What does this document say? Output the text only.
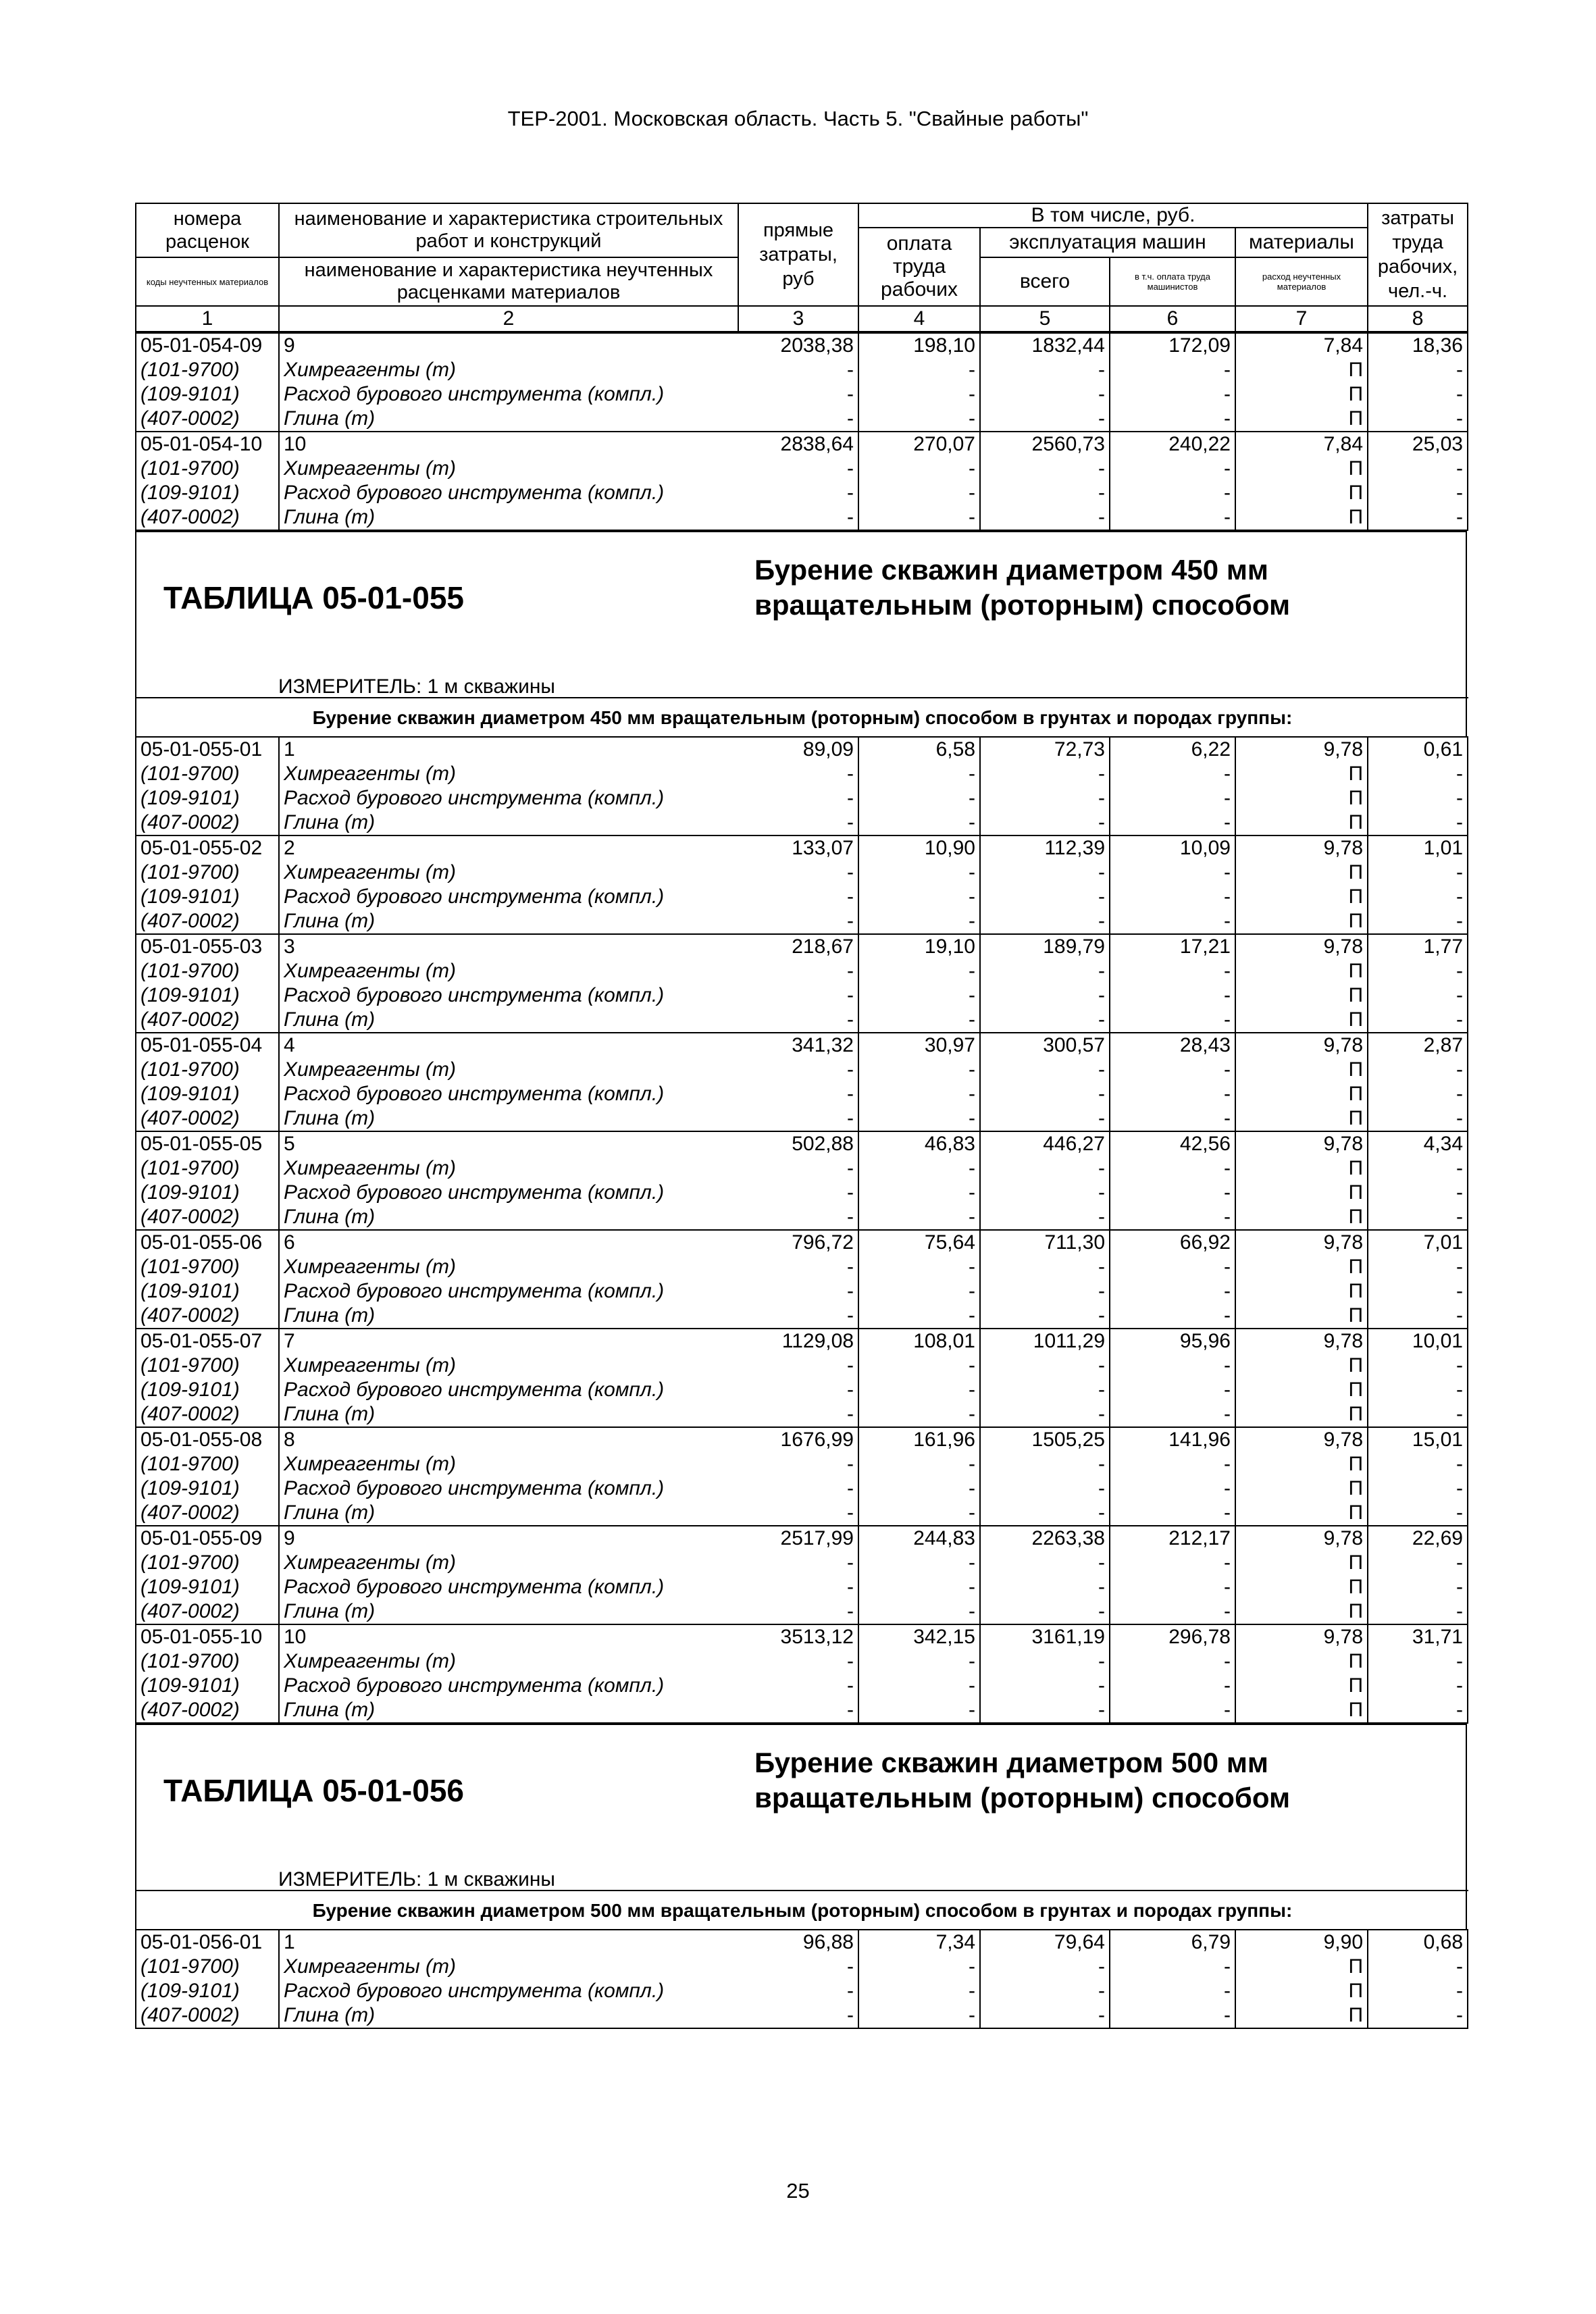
ТЕР-2001. Московская область. Часть 5. "Свайные работы"
номера расценок	наименование и характеристика строительных работ и конструкций	прямые затраты, руб	В том числе, руб.				затраты труда рабочих, чел.-ч.

			оплата труда рабочих	эксплуатация машин		материалы	

коды неучтенных материалов	наименование и характеристика неучтенных расценками материалов			всего	в т.ч. оплата труда машинистов	расход неучтенных материалов	

1	2	3	4	5	6	7	8
05-01-054-09	9	2038,38	198,10	1832,44	172,09	7,84	18,36
(101-9700)	Химреагенты (т)	-	-	-	-	П	-
(109-9101)	Расход бурового инструмента (компл.)	-	-	-	-	П	-
(407-0002)	Глина (т)	-	-	-	-	П	-
05-01-054-10	10	2838,64	270,07	2560,73	240,22	7,84	25,03
(101-9700)	Химреагенты (т)	-	-	-	-	П	-
(109-9101)	Расход бурового инструмента (компл.)	-	-	-	-	П	-
(407-0002)	Глина (т)	-	-	-	-	П	-
ТАБЛИЦА 05-01-055
Бурение скважин диаметром 450 мм
вращательным (роторным) способом
ИЗМЕРИТЕЛЬ: 1 м скважины
Бурение скважин диаметром 450 мм вращательным (роторным) способом в грунтах и породах группы:
05-01-055-01	1	89,09	6,58	72,73	6,22	9,78	0,61
(101-9700)	Химреагенты (т)	-	-	-	-	П	-
(109-9101)	Расход бурового инструмента (компл.)	-	-	-	-	П	-
(407-0002)	Глина (т)	-	-	-	-	П	-
05-01-055-02	2	133,07	10,90	112,39	10,09	9,78	1,01
(101-9700)	Химреагенты (т)	-	-	-	-	П	-
(109-9101)	Расход бурового инструмента (компл.)	-	-	-	-	П	-
(407-0002)	Глина (т)	-	-	-	-	П	-
05-01-055-03	3	218,67	19,10	189,79	17,21	9,78	1,77
(101-9700)	Химреагенты (т)	-	-	-	-	П	-
(109-9101)	Расход бурового инструмента (компл.)	-	-	-	-	П	-
(407-0002)	Глина (т)	-	-	-	-	П	-
05-01-055-04	4	341,32	30,97	300,57	28,43	9,78	2,87
(101-9700)	Химреагенты (т)	-	-	-	-	П	-
(109-9101)	Расход бурового инструмента (компл.)	-	-	-	-	П	-
(407-0002)	Глина (т)	-	-	-	-	П	-
05-01-055-05	5	502,88	46,83	446,27	42,56	9,78	4,34
(101-9700)	Химреагенты (т)	-	-	-	-	П	-
(109-9101)	Расход бурового инструмента (компл.)	-	-	-	-	П	-
(407-0002)	Глина (т)	-	-	-	-	П	-
05-01-055-06	6	796,72	75,64	711,30	66,92	9,78	7,01
(101-9700)	Химреагенты (т)	-	-	-	-	П	-
(109-9101)	Расход бурового инструмента (компл.)	-	-	-	-	П	-
(407-0002)	Глина (т)	-	-	-	-	П	-
05-01-055-07	7	1129,08	108,01	1011,29	95,96	9,78	10,01
(101-9700)	Химреагенты (т)	-	-	-	-	П	-
(109-9101)	Расход бурового инструмента (компл.)	-	-	-	-	П	-
(407-0002)	Глина (т)	-	-	-	-	П	-
05-01-055-08	8	1676,99	161,96	1505,25	141,96	9,78	15,01
(101-9700)	Химреагенты (т)	-	-	-	-	П	-
(109-9101)	Расход бурового инструмента (компл.)	-	-	-	-	П	-
(407-0002)	Глина (т)	-	-	-	-	П	-
05-01-055-09	9	2517,99	244,83	2263,38	212,17	9,78	22,69
(101-9700)	Химреагенты (т)	-	-	-	-	П	-
(109-9101)	Расход бурового инструмента (компл.)	-	-	-	-	П	-
(407-0002)	Глина (т)	-	-	-	-	П	-
05-01-055-10	10	3513,12	342,15	3161,19	296,78	9,78	31,71
(101-9700)	Химреагенты (т)	-	-	-	-	П	-
(109-9101)	Расход бурового инструмента (компл.)	-	-	-	-	П	-
(407-0002)	Глина (т)	-	-	-	-	П	-
ТАБЛИЦА 05-01-056
Бурение скважин диаметром 500 мм
вращательным (роторным) способом
ИЗМЕРИТЕЛЬ: 1 м скважины
Бурение скважин диаметром 500 мм вращательным (роторным) способом в грунтах и породах группы:
05-01-056-01	1	96,88	7,34	79,64	6,79	9,90	0,68
(101-9700)	Химреагенты (т)	-	-	-	-	П	-
(109-9101)	Расход бурового инструмента (компл.)	-	-	-	-	П	-
(407-0002)	Глина (т)	-	-	-	-	П	-
25
